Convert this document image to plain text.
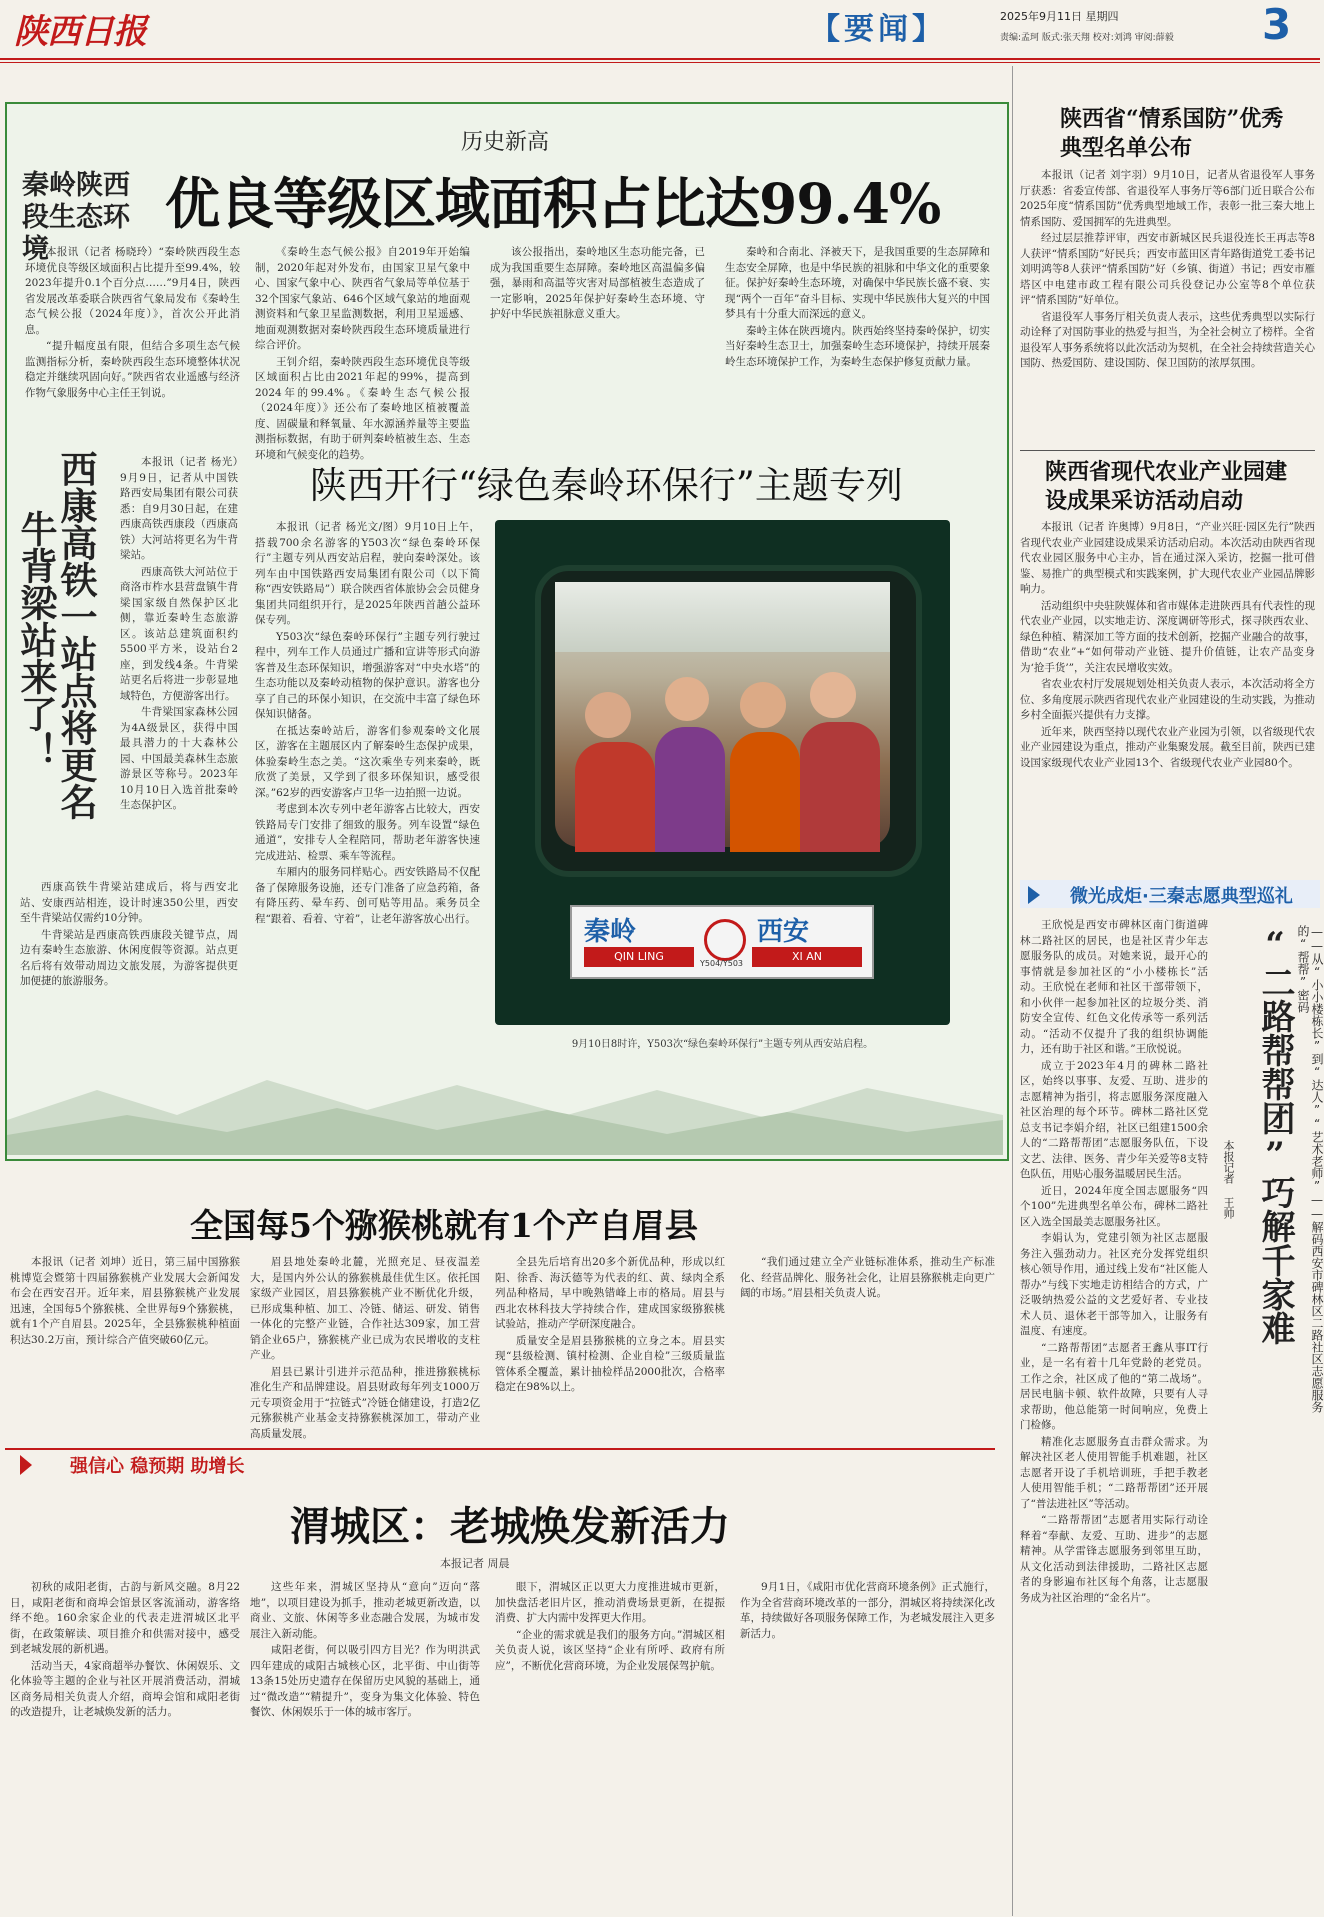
陕西日报	【要闻】	2025年9月11日 星期四
责编:孟珂 版式:张天翔 校对:刘鸿 审阅:薛毅 3
历史新高
秦岭陕西段生态环境
优良等级区域面积占比达99.4%

本报讯（记者 杨晓玲）“秦岭陕西段生态环境优良等级区域面积占比提升至99.4%，较2023年提升0.1个百分点……”9月4日，陕西省发展改革委联合陕西省气象局发布《秦岭生态气候公报（2024年度）》，首次公开此消息。

“提升幅度虽有限，但结合多项生态气候监测指标分析，秦岭陕西段生态环境整体状况稳定并继续巩固向好。”陕西省农业遥感与经济作物气象服务中心主任王钊说。

《秦岭生态气候公报》自2019年开始编制，2020年起对外发布，由国家卫星气象中心、国家气象中心、陕西省气象局等单位基于32个国家气象站、646个区域气象站的地面观测资料和气象卫星监测数据，利用卫星遥感、地面观测数据对秦岭陕西段生态环境质量进行综合评价。

王钊介绍，秦岭陕西段生态环境优良等级区域面积占比由2021年起的99%，提高到2024年的99.4%。《秦岭生态气候公报（2024年度）》还公布了秦岭地区植被覆盖度、固碳量和释氧量、年水源涵养量等主要监测指标数据，有助于研判秦岭植被生态、生态环境和气候变化的趋势。

该公报指出，秦岭地区生态功能完备，已成为我国重要生态屏障。秦岭地区高温偏多偏强，暴雨和高温等灾害对局部植被生态造成了一定影响，2025年保护好秦岭生态环境、守护好中华民族祖脉意义重大。

秦岭和合南北、泽被天下，是我国重要的生态屏障和生态安全屏障，也是中华民族的祖脉和中华文化的重要象征。保护好秦岭生态环境，对确保中华民族长盛不衰、实现“两个一百年”奋斗目标、实现中华民族伟大复兴的中国梦具有十分重大而深远的意义。

秦岭主体在陕西境内。陕西始终坚持秦岭保护，切实当好秦岭生态卫士，加强秦岭生态环境保护，持续开展秦岭生态环境保护工作，为秦岭生态保护修复贡献力量。

陕西开行“绿色秦岭环保行”主题专列
西康高铁一站点将更名
牛背梁站来了！

本报讯（记者 杨光）9月9日，记者从中国铁路西安局集团有限公司获悉：自9月30日起，在建西康高铁西康段（西康高铁）大河站将更名为牛背梁站。

西康高铁大河站位于商洛市柞水县营盘镇牛背梁国家级自然保护区北侧，靠近秦岭生态旅游区。该站总建筑面积约5500平方米，设站台2座，到发线4条。牛背梁站更名后将进一步彰显地域特色，方便游客出行。

牛背梁国家森林公园为4A级景区，获得中国最具潜力的十大森林公园、中国最美森林生态旅游景区等称号。2023年10月10日入选首批秦岭生态保护区。

西康高铁牛背梁站建成后，将与西安北站、安康西站相连，设计时速350公里，西安至牛背梁站仅需约10分钟。

牛背梁站是西康高铁西康段关键节点，周边有秦岭生态旅游、休闲度假等资源。站点更名后将有效带动周边文旅发展，为游客提供更加便捷的旅游服务。

本报讯（记者 杨光文/图）9月10日上午，搭载700余名游客的Y503次“绿色秦岭环保行”主题专列从西安站启程，驶向秦岭深处。该列车由中国铁路西安局集团有限公司（以下简称“西安铁路局”）联合陕西省体旅协会会员健身集团共同组织开行，是2025年陕西首趟公益环保专列。

Y503次“绿色秦岭环保行”主题专列行驶过程中，列车工作人员通过广播和宣讲等形式向游客普及生态环保知识，增强游客对“中央水塔”的生态功能以及秦岭动植物的保护意识。游客也分享了自己的环保小知识，在交流中丰富了绿色环保知识储备。

在抵达秦岭站后，游客们参观秦岭文化展区，游客在主题展区内了解秦岭生态保护成果，体验秦岭生态之美。“这次乘坐专列来秦岭，既欣赏了美景，又学到了很多环保知识，感受很深。”62岁的西安游客卢卫华一边拍照一边说。

考虑到本次专列中老年游客占比较大，西安铁路局专门安排了细致的服务。列车设置“绿色通道”，安排专人全程陪同，帮助老年游客快速完成进站、检票、乘车等流程。

车厢内的服务同样贴心。西安铁路局不仅配备了保障服务设施，还专门准备了应急药箱，备有降压药、晕车药、创可贴等用品。乘务员全程“跟着、看着、守着”，让老年游客放心出行。	秦岭
QIN LING
Y504/Y503
西安
XI AN
9月10日8时许，Y503次“绿色秦岭环保行”主题专列从西安站启程。
全国每5个猕猴桃就有1个产自眉县

本报讯（记者 刘坤）近日，第三届中国猕猴桃博览会暨第十四届猕猴桃产业发展大会新闻发布会在西安召开。近年来，眉县猕猴桃产业发展迅速，全国每5个猕猴桃、全世界每9个猕猴桃，就有1个产自眉县。2025年，全县猕猴桃种植面积达30.2万亩，预计综合产值突破60亿元。

眉县地处秦岭北麓，光照充足、昼夜温差大，是国内外公认的猕猴桃最佳优生区。依托国家级产业园区，眉县猕猴桃产业不断优化升级，已形成集种植、加工、冷链、储运、研发、销售一体化的完整产业链，合作社达309家，加工营销企业65户，猕猴桃产业已成为农民增收的支柱产业。

眉县已累计引进并示范品种，推进猕猴桃标准化生产和品牌建设。眉县财政每年列支1000万元专项资金用于“拉链式”冷链仓储建设，打造2亿元猕猴桃产业基金支持猕猴桃深加工，带动产业高质量发展。

全县先后培育出20多个新优品种，形成以红阳、徐香、海沃德等为代表的红、黄、绿肉全系列品种格局，早中晚熟错峰上市的格局。眉县与西北农林科技大学持续合作，建成国家级猕猴桃试验站，推动产学研深度融合。

质量安全是眉县猕猴桃的立身之本。眉县实现“县级检测、镇村检测、企业自检”三级质量监管体系全覆盖，累计抽检样品2000批次，合格率稳定在98%以上。

“我们通过建立全产业链标准体系，推动生产标准化、经营品牌化、服务社会化，让眉县猕猴桃走向更广阔的市场。”眉县相关负责人说。

强信心 稳预期 助增长
渭城区：老城焕发新活力
本报记者 周晨

初秋的咸阳老街，古韵与新风交融。8月22日，咸阳老街和商埠会馆景区客流涌动，游客络绎不绝。160余家企业的代表走进渭城区北平街，在政策解读、项目推介和供需对接中，感受到老城发展的新机遇。

活动当天，4家商超举办餐饮、休闲娱乐、文化体验等主题的企业与社区开展消费活动，渭城区商务局相关负责人介绍，商埠会馆和咸阳老街的改造提升，让老城焕发新的活力。

这些年来，渭城区坚持从“意向”迈向“落地”，以项目建设为抓手，推动老城更新改造，以商业、文旅、休闲等多业态融合发展，为城市发展注入新动能。

咸阳老街，何以吸引四方目光？作为明洪武四年建成的咸阳古城核心区，北平街、中山街等13条15处历史遗存在保留历史风貌的基础上，通过“微改造”“精提升”，变身为集文化体验、特色餐饮、休闲娱乐于一体的城市客厅。

眼下，渭城区正以更大力度推进城市更新，加快盘活老旧片区，推动消费场景更新，在提振消费、扩大内需中发挥更大作用。

“企业的需求就是我们的服务方向。”渭城区相关负责人说，该区坚持“企业有所呼、政府有所应”，不断优化营商环境，为企业发展保驾护航。

9月1日，《咸阳市优化营商环境条例》正式施行，作为全省营商环境改革的一部分，渭城区将持续深化改革，持续做好各项服务保障工作，为老城发展注入更多新活力。

陕西省“情系国防”优秀典型名单公布

本报讯（记者 刘宇羽）9月10日，记者从省退役军人事务厅获悉：省委宣传部、省退役军人事务厅等6部门近日联合公布2025年度“情系国防”优秀典型地域工作，表彰一批三秦大地上情系国防、爱国拥军的先进典型。

经过层层推荐评审，西安市新城区民兵退役连长王再志等8人获评“情系国防”好民兵；西安市蓝田区青年路街道党工委书记刘明鸿等8人获评“情系国防”好（乡镇、街道）书记；西安市雁塔区中电建市政工程有限公司兵役登记办公室等8个单位获评“情系国防”好单位。

省退役军人事务厅相关负责人表示，这些优秀典型以实际行动诠释了对国防事业的热爱与担当，为全社会树立了榜样。全省退役军人事务系统将以此次活动为契机，在全社会持续营造关心国防、热爱国防、建设国防、保卫国防的浓厚氛围。

陕西省现代农业产业园建设成果采访活动启动

本报讯（记者 许奥博）9月8日，“产业兴旺·园区先行”陕西省现代农业产业园建设成果采访活动启动。本次活动由陕西省现代农业园区服务中心主办，旨在通过深入采访，挖掘一批可借鉴、易推广的典型模式和实践案例，扩大现代农业产业园品牌影响力。

活动组织中央驻陕媒体和省市媒体走进陕西具有代表性的现代农业产业园，以实地走访、深度调研等形式，探寻陕西农业、绿色种植、精深加工等方面的技术创新，挖掘产业融合的故事，借助“农业”+“如何带动产业链、提升价值链，让农产品变身为‘抢手货’”，关注农民增收实效。

省农业农村厅发展规划处相关负责人表示，本次活动将全方位、多角度展示陕西省现代农业产业园建设的生动实践，为推动乡村全面振兴提供有力支撑。

近年来，陕西坚持以现代农业产业园为引领，以省级现代农业产业园建设为重点，推动产业集聚发展。截至目前，陕西已建设国家级现代农业产业园13个、省级现代农业产业园80个。

微光成炬·三秦志愿典型巡礼

王欣悦是西安市碑林区南门街道碑林二路社区的居民，也是社区青少年志愿服务队的成员。对她来说，最开心的事情就是参加社区的“小小楼栋长”活动。王欣悦在老师和社区干部带领下，和小伙伴一起参加社区的垃圾分类、消防安全宣传、红色文化传承等一系列活动。“活动不仅提升了我的组织协调能力，还有助于社区和谐。”王欣悦说。

成立于2023年4月的碑林二路社区，始终以事事、友爱、互助、进步的志愿精神为指引，将志愿服务深度融入社区治理的每个环节。碑林二路社区党总支书记李娟介绍，社区已组建1500余人的“二路帮帮团”志愿服务队伍，下设文艺、法律、医务、青少年关爱等8支特色队伍，用贴心服务温暖居民生活。

近日，2024年度全国志愿服务“四个100”先进典型名单公布，碑林二路社区入选全国最美志愿服务社区。

李娟认为，党建引领为社区志愿服务注入强劲动力。社区充分发挥党组织核心领导作用，通过线上发布“社区能人帮办”与线下实地走访相结合的方式，广泛吸纳热爱公益的文艺爱好者、专业技术人员、退休老干部等加入，让服务有温度、有速度。

“二路帮帮团”志愿者王鑫从事IT行业，是一名有着十几年党龄的老党员。工作之余，社区成了他的“第二战场”。居民电脑卡顿、软件故障，只要有人寻求帮助，他总能第一时间响应，免费上门检修。

精准化志愿服务直击群众需求。为解决社区老人使用智能手机难题，社区志愿者开设了手机培训班，手把手教老人使用智能手机；“二路帮帮团”还开展了“普法进社区”等活动。

“二路帮帮团”志愿者用实际行动诠释着“奉献、友爱、互助、进步”的志愿精神。从学雷锋志愿服务到邻里互助，从文化活动到法律援助，二路社区志愿者的身影遍布社区每个角落，让志愿服务成为社区治理的“金名片”。

“二路帮帮团”巧解千家难	——从“小小楼栋长”到“达人”“艺术老师”——解码西安市碑林区二路社区志愿服务的“帮帮”密码
本报记者 王帅
